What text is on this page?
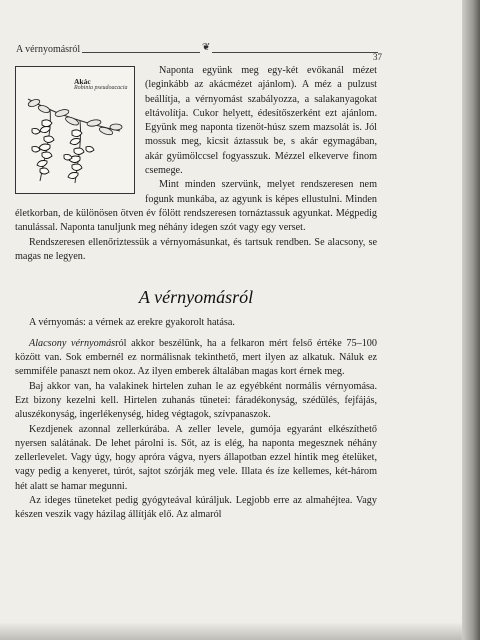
A vérnyomásról	❦
37
Akác
Robinia pseudoacacia

Naponta együnk meg egy-két evőkanál mézet (leginkább az akácmézet ajánlom). A méz a pulzust beállítja, a vérnyomást szabályozza, a salakanyagokat eltávolítja. Cukor helyett, édesítőszerként ezt ajánlom. Együnk meg naponta tizenöt-húsz szem mazsolát is. Jól mossuk meg, kicsit áztassuk be, s akár egymagában, akár gyümölccsel fogyasszuk. Mézzel elkeverve finom csemege.

Mint minden szervünk, melyet rendszeresen nem fogunk munkába, az agyunk is képes ellustulni. Minden életkorban, de különösen ötven év fölött rendszeresen tornáztassuk agyunkat. Mégpedig tanulással. Naponta tanuljunk meg néhány idegen szót vagy egy verset.

Rendszeresen ellenőriztessük a vérnyomásunkat, és tartsuk rendben. Se alacsony, se magas ne legyen.

A vérnyomásról

A vérnyomás: a vérnek az erekre gyakorolt hatása.

Alacsony vérnyomásról akkor beszélünk, ha a felkaron mért felső értéke 75–100 között van. Sok embernél ez normálisnak tekinthető, mert ilyen az alkatuk. Náluk ez semmiféle panaszt nem okoz. Az ilyen emberek általában magas kort érnek meg.

Baj akkor van, ha valakinek hirtelen zuhan le az egyébként normális vérnyomása. Ezt bizony kezelni kell. Hirtelen zuhanás tünetei: fáradékonyság, szédülés, fejfájás, aluszékonyság, ingerlékenység, hideg végtagok, szívpanaszok.

Kezdjenek azonnal zellerkúrába. A zeller levele, gumója egyaránt elkészíthető nyersen salátának. De lehet párolni is. Sőt, az is elég, ha naponta megesznek néhány zellerlevelet. Vagy úgy, hogy apróra vágva, nyers állapotban ezzel hintik meg ételüket, vagy pedig a kenyeret, túrót, sajtot szórják meg vele. Illata és íze kellemes, két-három hét alatt se hamar megunni.

Az ideges tüneteket pedig gyógyteával kúráljuk. Legjobb erre az almahéjtea. Vagy készen veszik vagy házilag állítják elő. Az almaról
